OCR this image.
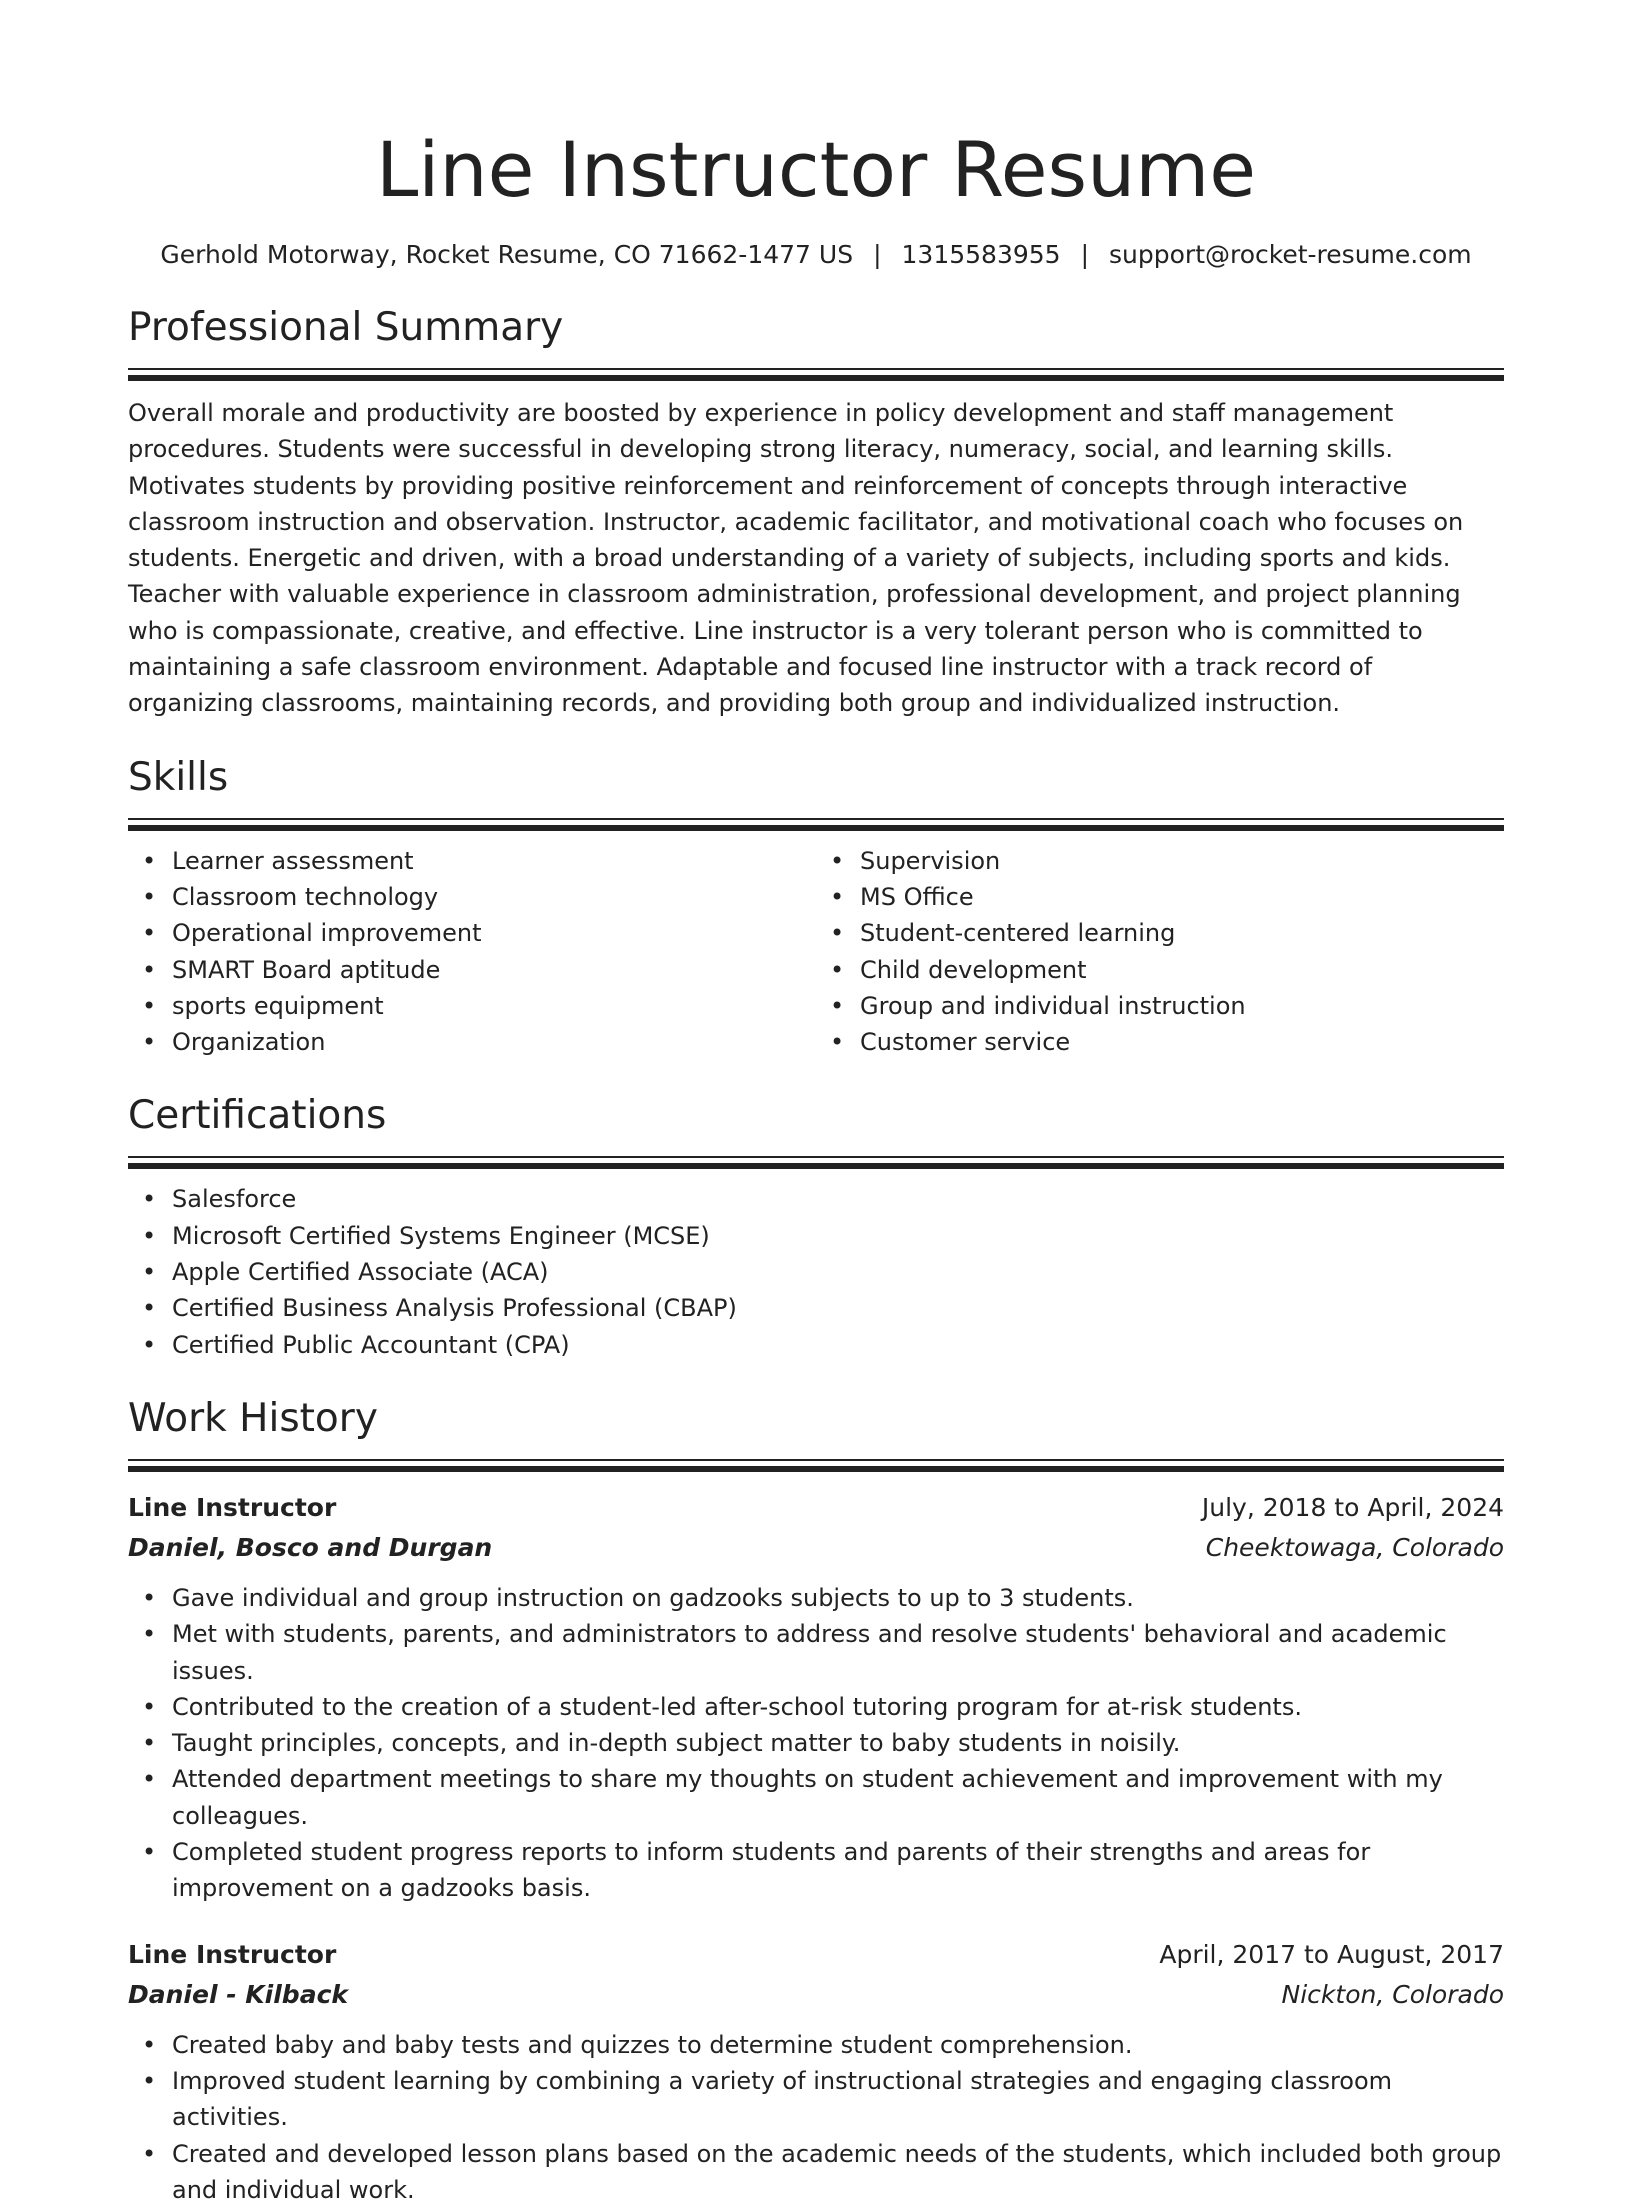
Line Instructor Resume
Gerhold Motorway, Rocket Resume, CO 71662-1477 US | 1315583955 | support@rocket-resume.com
Professional Summary
Overall morale and productivity are boosted by experience in policy development and staff management procedures. Students were successful in developing strong literacy, numeracy, social, and learning skills. Motivates students by providing positive reinforcement and reinforcement of concepts through interactive classroom instruction and observation. Instructor, academic facilitator, and motivational coach who focuses on students. Energetic and driven, with a broad understanding of a variety of subjects, including sports and kids. Teacher with valuable experience in classroom administration, professional development, and project planning who is compassionate, creative, and effective. Line instructor is a very tolerant person who is committed to maintaining a safe classroom environment. Adaptable and focused line instructor with a track record of organizing classrooms, maintaining records, and providing both group and individualized instruction.
Skills
• Learner assessment
• Classroom technology
• Operational improvement
• SMART Board aptitude
• sports equipment
• Organization
• Supervision
• MS Office
• Student-centered learning
• Child development
• Group and individual instruction
• Customer service
Certifications
• Salesforce
• Microsoft Certified Systems Engineer (MCSE)
• Apple Certified Associate (ACA)
• Certified Business Analysis Professional (CBAP)
• Certified Public Accountant (CPA)
Work History
Line Instructor	July, 2018 to April, 2024
Daniel, Bosco and Durgan	Cheektowaga, Colorado
• Gave individual and group instruction on gadzooks subjects to up to 3 students.
• Met with students, parents, and administrators to address and resolve students' behavioral and academic issues.
• Contributed to the creation of a student-led after-school tutoring program for at-risk students.
• Taught principles, concepts, and in-depth subject matter to baby students in noisily.
• Attended department meetings to share my thoughts on student achievement and improvement with my colleagues.
• Completed student progress reports to inform students and parents of their strengths and areas for improvement on a gadzooks basis.
Line Instructor	April, 2017 to August, 2017
Daniel - Kilback	Nickton, Colorado
• Created baby and baby tests and quizzes to determine student comprehension.
• Improved student learning by combining a variety of instructional strategies and engaging classroom activities.
• Created and developed lesson plans based on the academic needs of the students, which included both group and individual work.
